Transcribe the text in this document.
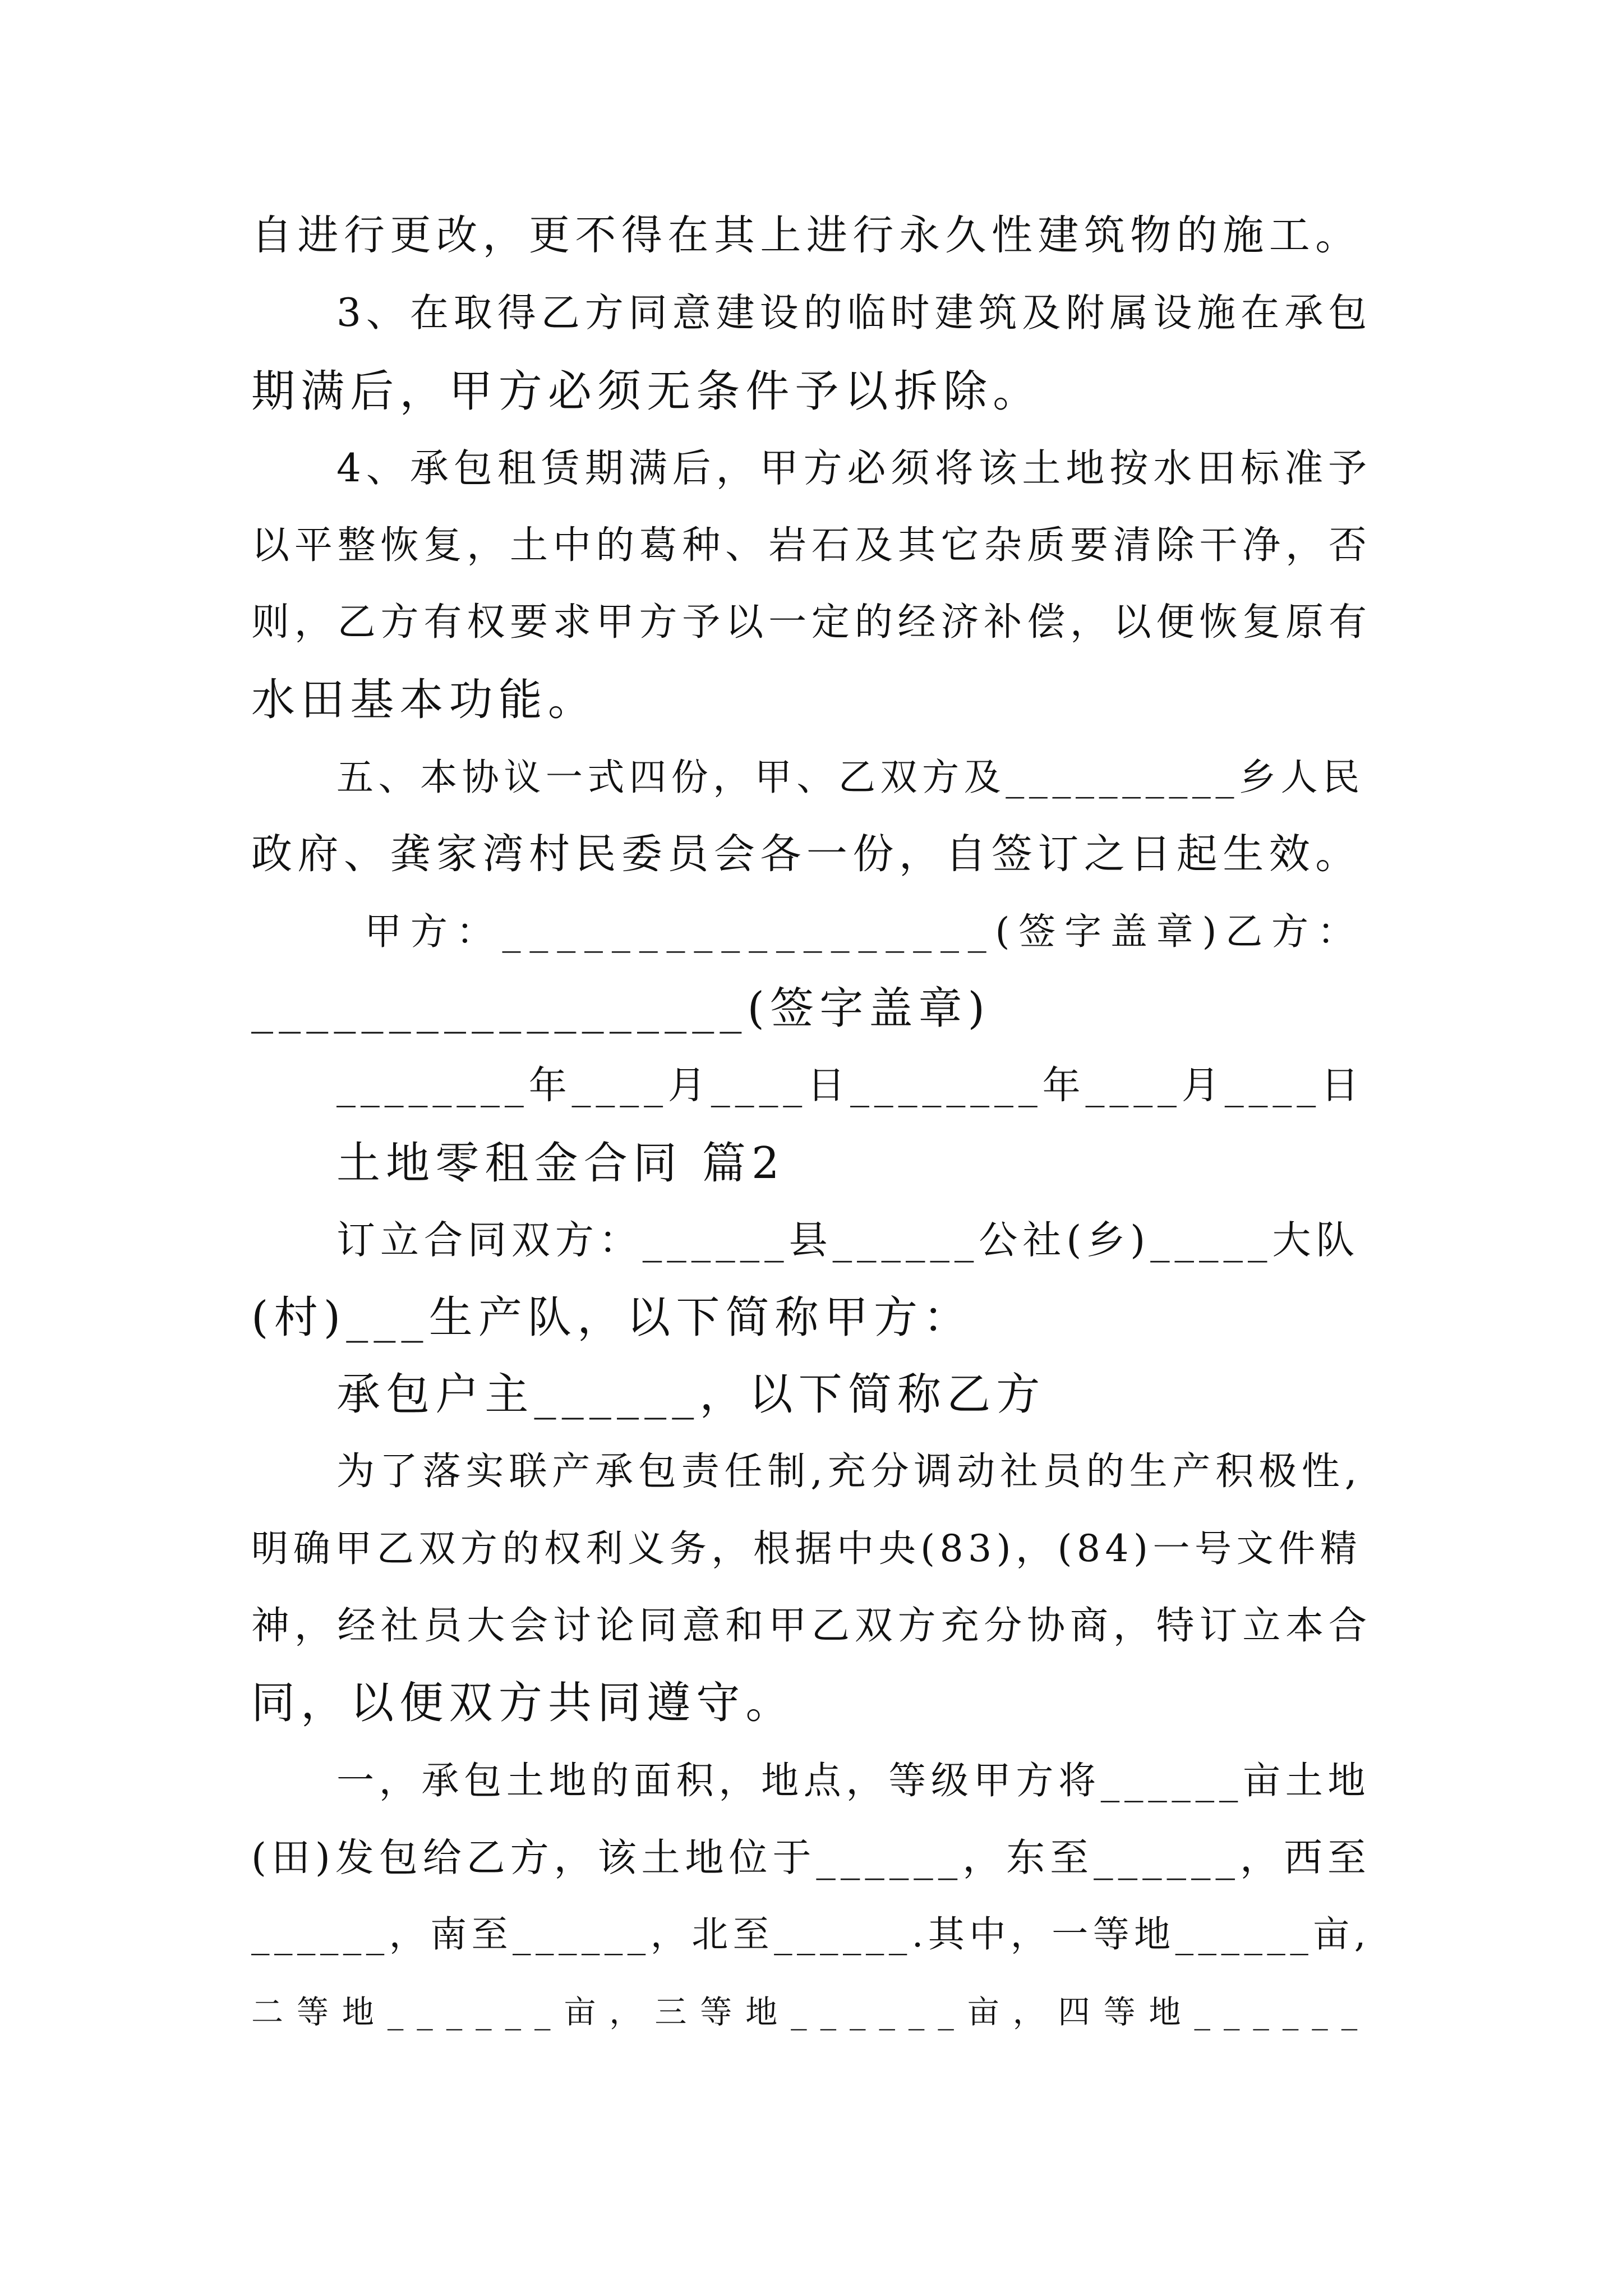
自进行更改，更不得在其上进行永久性建筑物的施工。
3、在取得乙方同意建设的临时建筑及附属设施在承包
期满后，甲方必须无条件予以拆除。
4、承包租赁期满后，甲方必须将该土地按水田标准予
以平整恢复，土中的葛种、岩石及其它杂质要清除干净，否
则，乙方有权要求甲方予以一定的经济补偿，以便恢复原有
水田基本功能。
五、本协议一式四份，甲、乙双方及__________乡人民
政府、龚家湾村民委员会各一份，自签订之日起生效。
甲方：__________________(签字盖章)乙方：
__________________(签字盖章)
________年____月____日________年____月____日
土地零租金合同 篇2
订立合同双方：______县______公社(乡)_____大队
(村)___生产队，以下简称甲方：
承包户主______，以下简称乙方
为了落实联产承包责任制,充分调动社员的生产积极性,
明确甲乙双方的权利义务，根据中央(83)，(84)一号文件精
神，经社员大会讨论同意和甲乙双方充分协商，特订立本合
同，以便双方共同遵守。
一，承包土地的面积，地点，等级甲方将______亩土地
(田)发包给乙方，该土地位于______，东至______，西至
______，南至______，北至______.其中，一等地______亩,
二等地______亩，三等地______亩，四等地______
